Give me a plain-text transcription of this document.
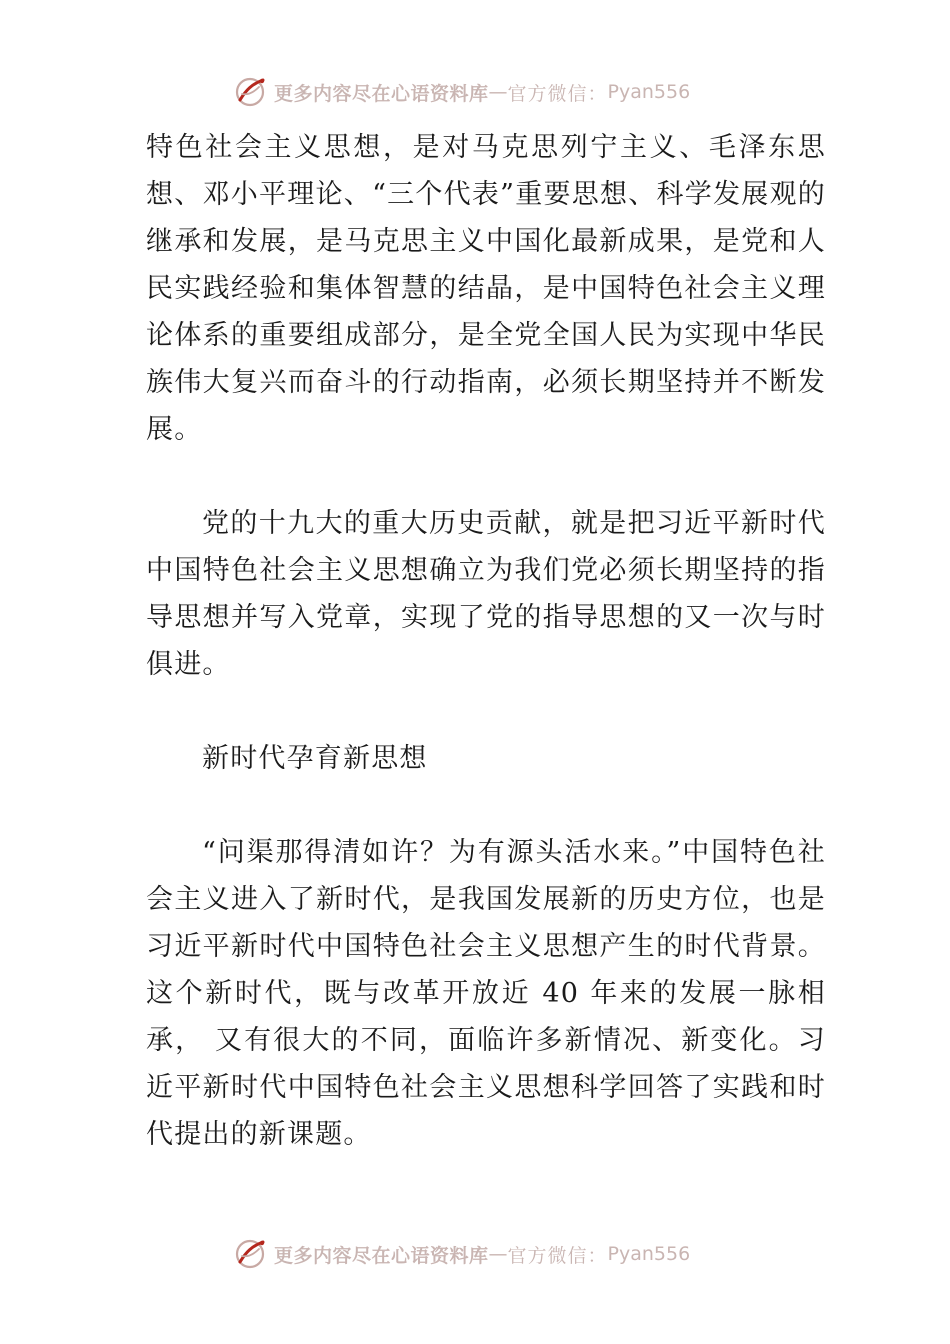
更多内容尽在心语资料库 — 官方微信： Pyan556

特色社会主义思想，是对马克思列宁主义、毛泽东思想、邓小平理论、“三个代表”重要思想、科学发展观的继承和发展，是马克思主义中国化最新成果，是党和人民实践经验和集体智慧的结晶，是中国特色社会主义理论体系的重要组成部分，是全党全国人民为实现中华民族伟大复兴而奋斗的行动指南，必须长期坚持并不断发展。

党的十九大的重大历史贡献，就是把习近平新时代中国特色社会主义思想确立为我们党必须长期坚持的指导思想并写入党章，实现了党的指导思想的又一次与时俱进。

新时代孕育新思想

“问渠那得清如许？为有源头活水来。”中国特色社会主义进入了新时代，是我国发展新的历史方位，也是习近平新时代中国特色社会主义思想产生的时代背景。这个新时代，既与改革开放近 40 年来的发展一脉相承， 又有很大的不同，面临许多新情况、新变化。习近平新时代中国特色社会主义思想科学回答了实践和时代提出的新课题。

更多内容尽在心语资料库 — 官方微信： Pyan556
